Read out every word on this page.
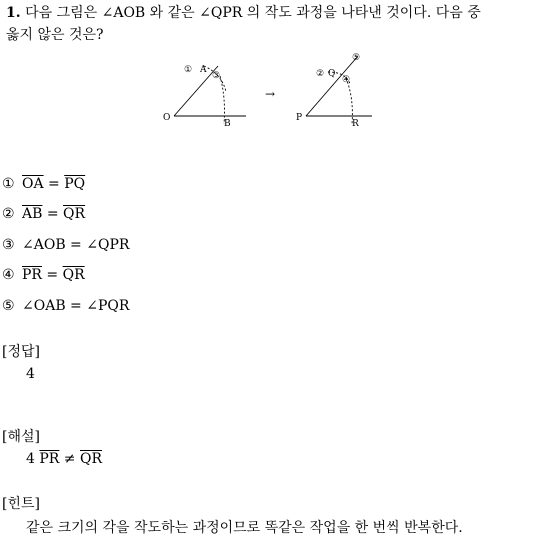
1. 다음 그림은 ∠AOB 와 같은 ∠QPR 의 작도 과정을 나타낸 것이다. 다음 중
옳지 않은 것은?
O
A
B
①
③
→
P
Q
R
②
④
⑤
① $\overline{OA} = \overline{PQ}$
② $\overline{AB} = \overline{QR}$
③ ∠AOB = ∠QPR
④ $\overline{PR} = \overline{QR}$
⑤ ∠OAB = ∠PQR
[정답]
4
[해설]
4 $\overline{PR} \ne \overline{QR}$
[힌트]
같은 크기의 각을 작도하는 과정이므로 똑같은 작업을 한 번씩 반복한다.
